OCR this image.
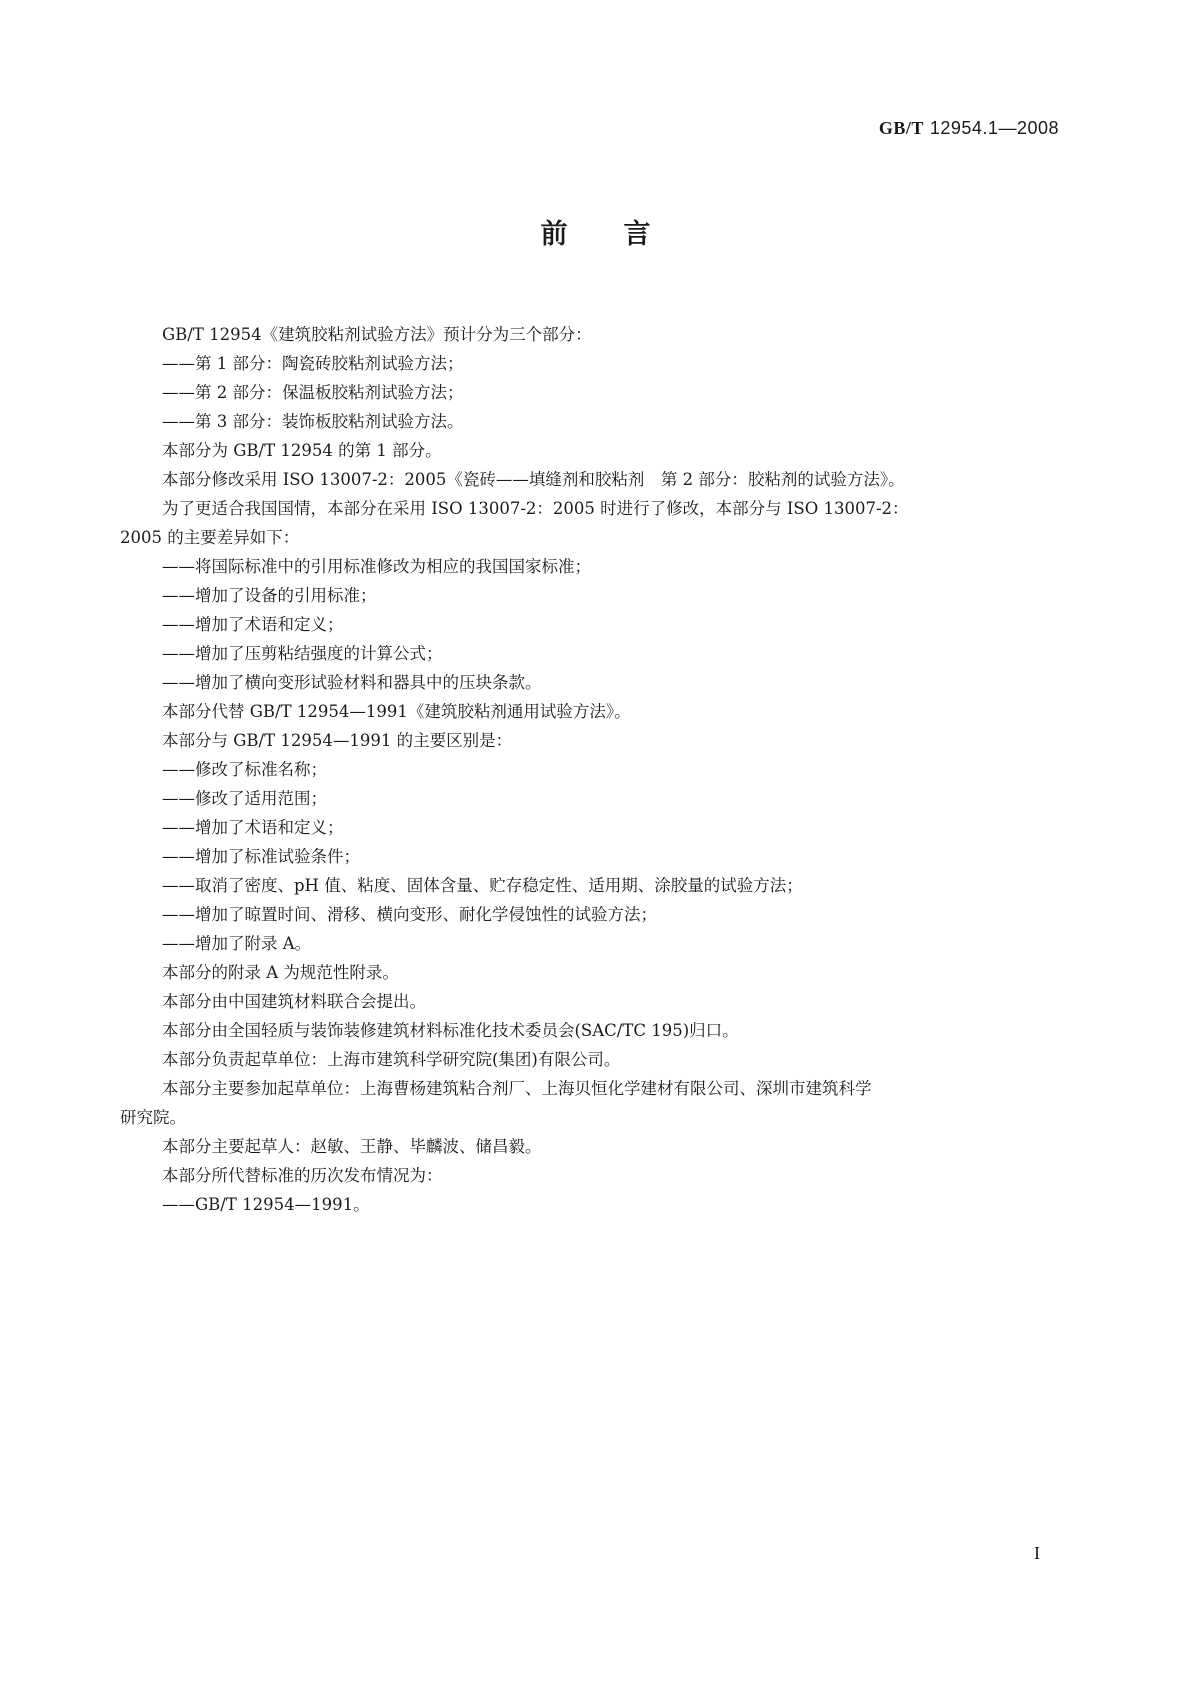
GB/T 12954.1—2008
前言
GB/T 12954《建筑胶粘剂试验方法》预计分为三个部分：
——第 1 部分：陶瓷砖胶粘剂试验方法；
——第 2 部分：保温板胶粘剂试验方法；
——第 3 部分：装饰板胶粘剂试验方法。
本部分为 GB/T 12954 的第 1 部分。
本部分修改采用 ISO 13007-2：2005《瓷砖——填缝剂和胶粘剂　第 2 部分：胶粘剂的试验方法》。
为了更适合我国国情，本部分在采用 ISO 13007-2：2005 时进行了修改，本部分与 ISO 13007-2：
2005 的主要差异如下：
——将国际标准中的引用标准修改为相应的我国国家标准；
——增加了设备的引用标准；
——增加了术语和定义；
——增加了压剪粘结强度的计算公式；
——增加了横向变形试验材料和器具中的压块条款。
本部分代替 GB/T 12954—1991《建筑胶粘剂通用试验方法》。
本部分与 GB/T 12954—1991 的主要区别是：
——修改了标准名称；
——修改了适用范围；
——增加了术语和定义；
——增加了标准试验条件；
——取消了密度、pH 值、粘度、固体含量、贮存稳定性、适用期、涂胶量的试验方法；
——增加了晾置时间、滑移、横向变形、耐化学侵蚀性的试验方法；
——增加了附录 A。
本部分的附录 A 为规范性附录。
本部分由中国建筑材料联合会提出。
本部分由全国轻质与装饰装修建筑材料标准化技术委员会(SAC/TC 195)归口。
本部分负责起草单位：上海市建筑科学研究院(集团)有限公司。
本部分主要参加起草单位：上海曹杨建筑粘合剂厂、上海贝恒化学建材有限公司、深圳市建筑科学
研究院。
本部分主要起草人：赵敏、王静、毕麟波、储昌毅。
本部分所代替标准的历次发布情况为：
——GB/T 12954—1991。
I
